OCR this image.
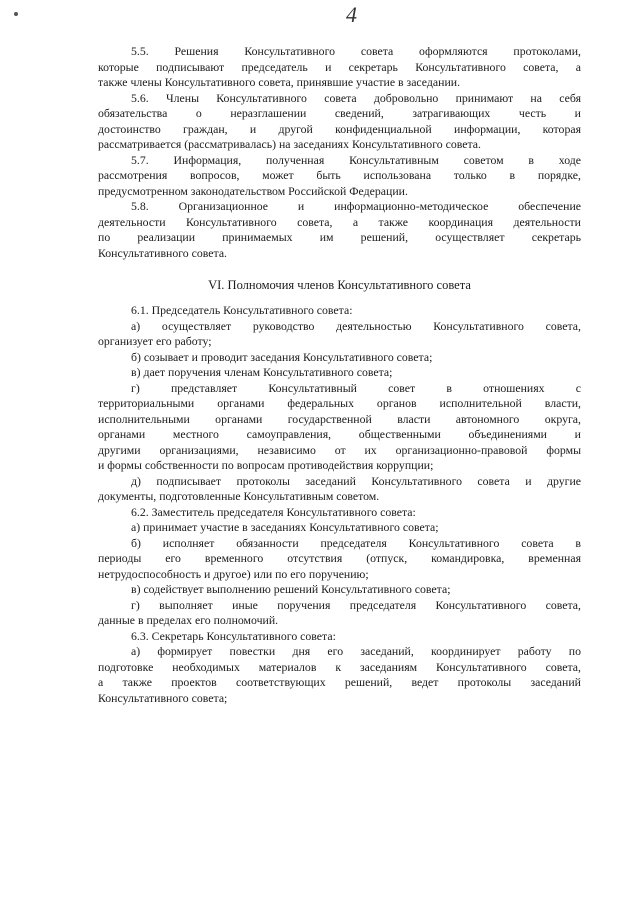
4
5.5. Решения Консультативного совета оформляются протоколами,
которые подписывают председатель и секретарь Консультативного совета, а
также члены Консультативного совета, принявшие участие в заседании.
5.6. Члены Консультативного совета добровольно принимают на себя
обязательства о неразглашении сведений, затрагивающих честь и
достоинство граждан, и другой конфиденциальной информации, которая
рассматривается (рассматривалась) на заседаниях Консультативного совета.
5.7. Информация, полученная Консультативным советом в ходе
рассмотрения вопросов, может быть использована только в порядке,
предусмотренном законодательством Российской Федерации.
5.8. Организационное и информационно-методическое обеспечение
деятельности Консультативного совета, а также координация деятельности
по реализации принимаемых им решений, осуществляет секретарь
Консультативного совета.
VI. Полномочия членов Консультативного совета
6.1. Председатель Консультативного совета:
а) осуществляет руководство деятельностью Консультативного совета,
организует его работу;
б) созывает и проводит заседания Консультативного совета;
в) дает поручения членам Консультативного совета;
г) представляет Консультативный совет в отношениях с
территориальными органами федеральных органов исполнительной власти,
исполнительными органами государственной власти автономного округа,
органами местного самоуправления, общественными объединениями и
другими организациями, независимо от их организационно-правовой формы
и формы собственности по вопросам противодействия коррупции;
д) подписывает протоколы заседаний Консультативного совета и другие
документы, подготовленные Консультативным советом.
6.2. Заместитель председателя Консультативного совета:
а) принимает участие в заседаниях Консультативного совета;
б) исполняет обязанности председателя Консультативного совета в
периоды его временного отсутствия (отпуск, командировка, временная
нетрудоспособность и другое) или по его поручению;
в) содействует выполнению решений Консультативного совета;
г) выполняет иные поручения председателя Консультативного совета,
данные в пределах его полномочий.
6.3. Секретарь Консультативного совета:
а) формирует повестки дня его заседаний, координирует работу по
подготовке необходимых материалов к заседаниям Консультативного совета,
а также проектов соответствующих решений, ведет протоколы заседаний
Консультативного совета;
